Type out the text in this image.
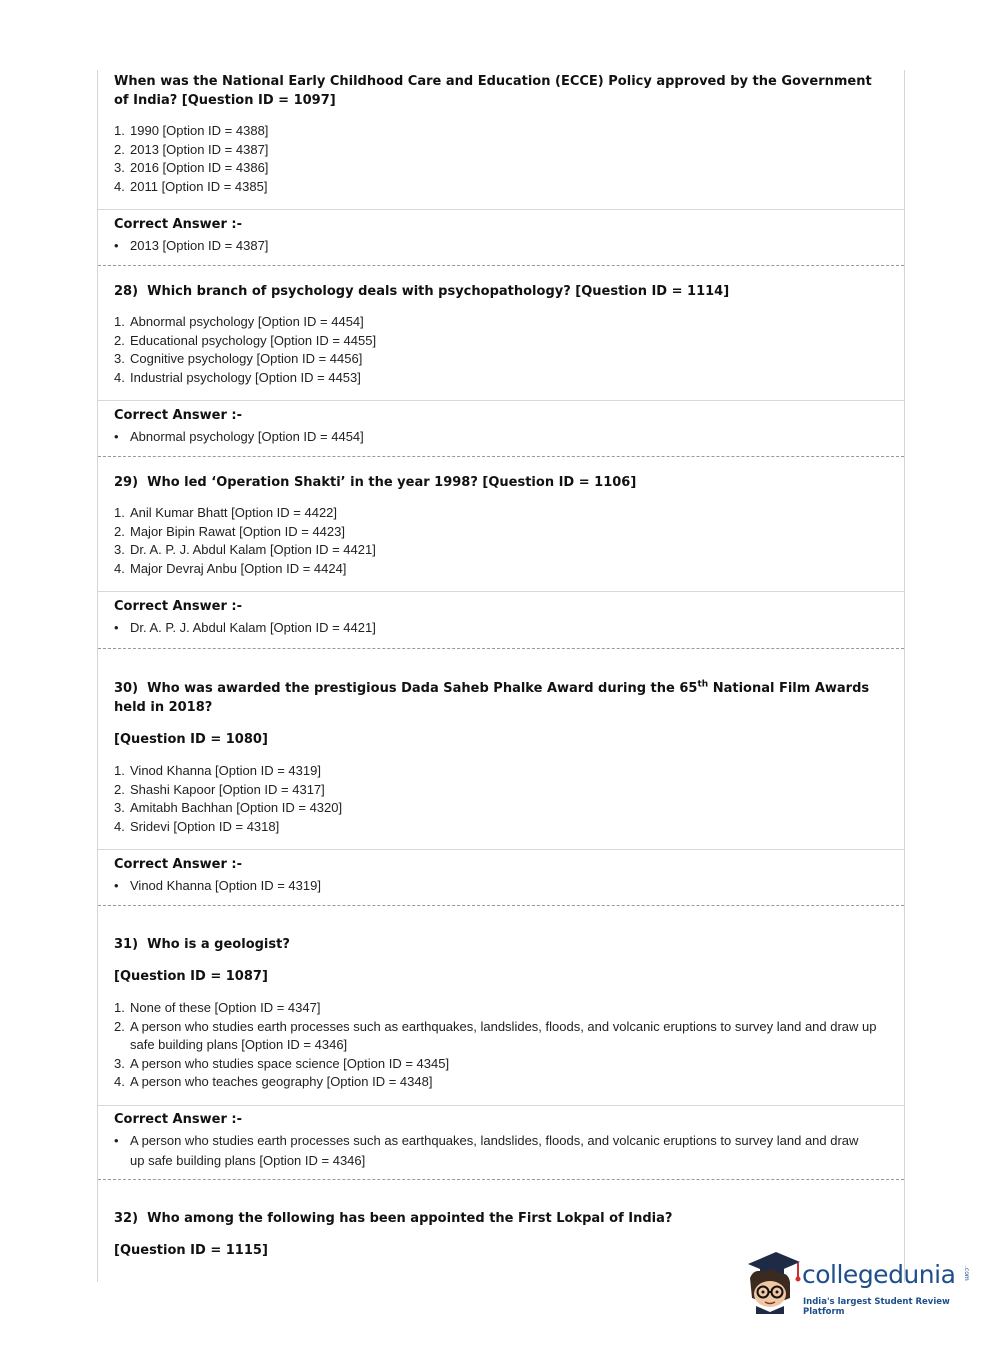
When was the National Early Childhood Care and Education (ECCE) Policy approved by the Government of India? [Question ID = 1097]
1. 1990 [Option ID = 4388]
2. 2013 [Option ID = 4387]
3. 2016 [Option ID = 4386]
4. 2011 [Option ID = 4385]
Correct Answer :-
• 2013 [Option ID = 4387]
28) Which branch of psychology deals with psychopathology? [Question ID = 1114]
1. Abnormal psychology [Option ID = 4454]
2. Educational psychology [Option ID = 4455]
3. Cognitive psychology [Option ID = 4456]
4. Industrial psychology [Option ID = 4453]
Correct Answer :-
• Abnormal psychology [Option ID = 4454]
29) Who led ‘Operation Shakti’ in the year 1998? [Question ID = 1106]
1. Anil Kumar Bhatt [Option ID = 4422]
2. Major Bipin Rawat [Option ID = 4423]
3. Dr. A. P. J. Abdul Kalam [Option ID = 4421]
4. Major Devraj Anbu [Option ID = 4424]
Correct Answer :-
• Dr. A. P. J. Abdul Kalam [Option ID = 4421]
30) Who was awarded the prestigious Dada Saheb Phalke Award during the 65th National Film Awards held in 2018?
[Question ID = 1080]
1. Vinod Khanna [Option ID = 4319]
2. Shashi Kapoor [Option ID = 4317]
3. Amitabh Bachhan [Option ID = 4320]
4. Sridevi [Option ID = 4318]
Correct Answer :-
• Vinod Khanna [Option ID = 4319]
31) Who is a geologist?
[Question ID = 1087]
1. None of these [Option ID = 4347]
2. A person who studies earth processes such as earthquakes, landslides, floods, and volcanic eruptions to survey land and draw up safe building plans [Option ID = 4346]
3. A person who studies space science [Option ID = 4345]
4. A person who teaches geography [Option ID = 4348]
Correct Answer :-
• A person who studies earth processes such as earthquakes, landslides, floods, and volcanic eruptions to survey land and draw up safe building plans [Option ID = 4346]
32) Who among the following has been appointed the First Lokpal of India?
[Question ID = 1115]
collegedunia .com
India's largest Student Review Platform
